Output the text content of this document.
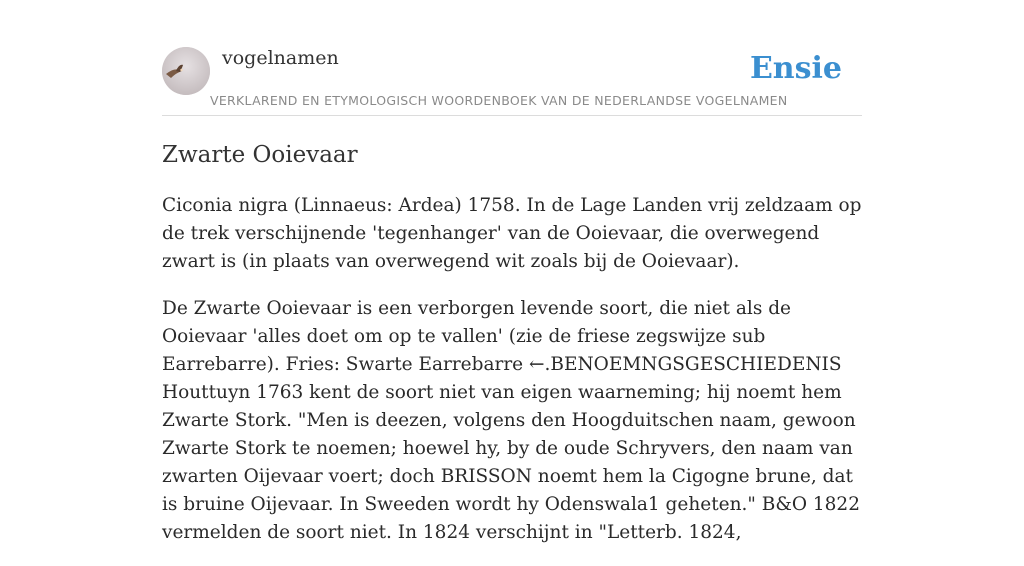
vogelnamen	Ensie
VERKLAREND EN ETYMOLOGISCH WOORDENBOEK VAN DE NEDERLANDSE VOGELNAMEN
Zwarte Ooievaar

Ciconia nigra (Linnaeus: Ardea) 1758. In de Lage Landen vrij zeldzaam op de trek verschijnende 'tegenhanger' van de Ooievaar, die overwegend zwart is (in plaats van overwegend wit zoals bij de Ooievaar).

De Zwarte Ooievaar is een verborgen levende soort, die niet als de Ooievaar 'alles doet om op te vallen' (zie de friese zegswijze sub Earrebarre). Fries: Swarte Earrebarre ←.BENOEMNGSGESCHIEDENIS Houttuyn 1763 kent de soort niet van eigen waarneming; hij noemt hem Zwarte Stork. "Men is deezen, volgens den Hoogduitschen naam, gewoon Zwarte Stork te noemen; hoewel hy, by de oude Schryvers, den naam van zwarten Oijevaar voert; doch BRISSON noemt hem la Cigogne brune, dat is bruine Oijevaar. In Sweeden wordt hy Odenswala1 geheten." B&O 1822 vermelden de soort niet. In 1824 verschijnt in "Letterb. 1824,
